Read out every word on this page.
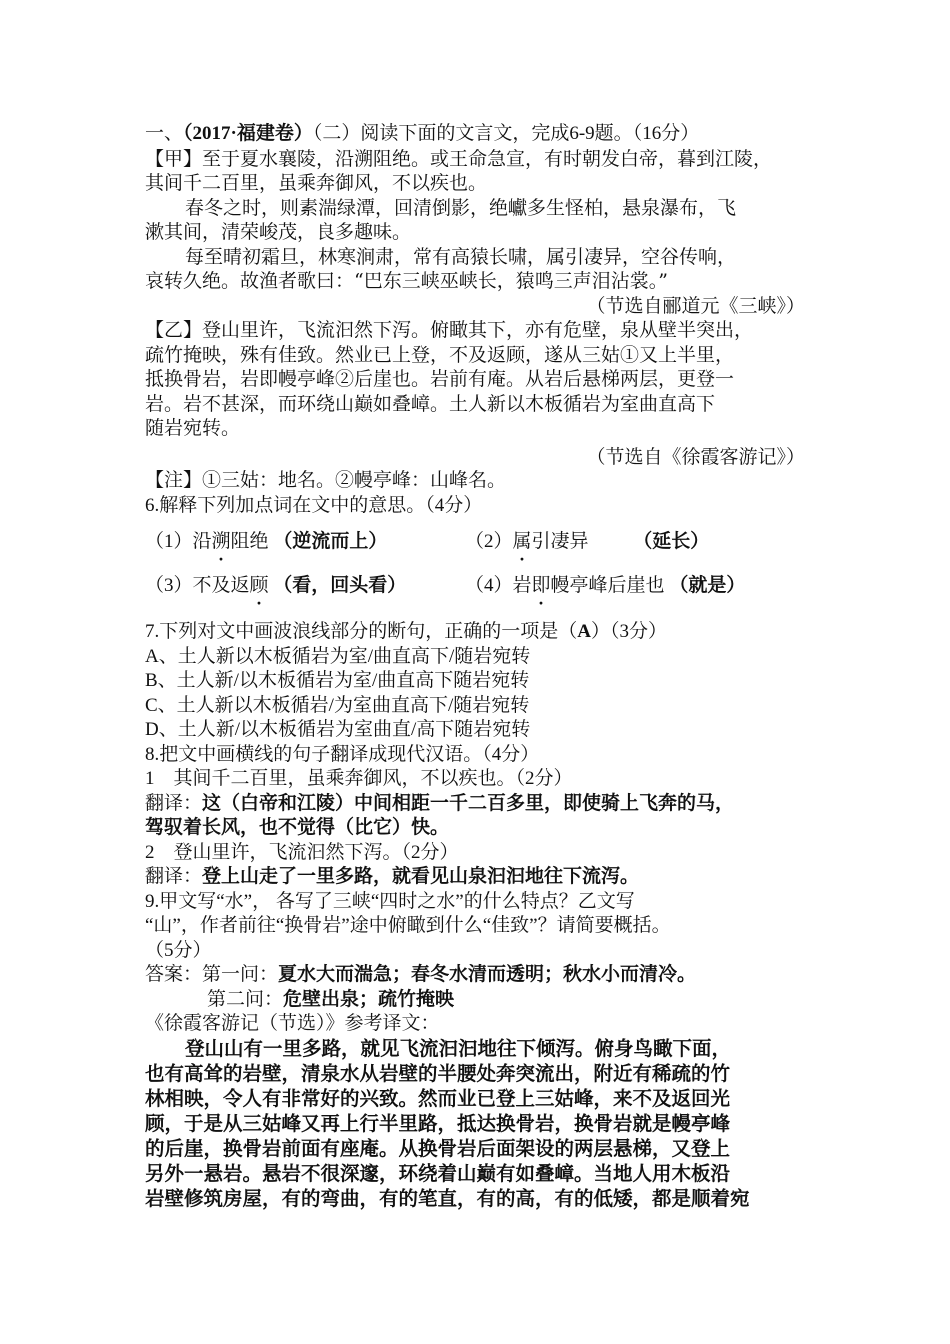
一、（2017·福建卷）（二）阅读下面的文言文，完成6-9题。（16分）
【甲】至于夏水襄陵，沿溯阻绝。或王命急宣，有时朝发白帝，暮到江陵，
其间千二百里，虽乘奔御风，不以疾也。
春冬之时，则素湍绿潭，回清倒影，绝巘多生怪柏，悬泉瀑布，飞
漱其间，清荣峻茂，良多趣味。
每至晴初霜旦，林寒涧肃，常有高猿长啸，属引凄异，空谷传响，
哀转久绝。故渔者歌曰：“巴东三峡巫峡长，猿鸣三声泪沾裳。”
（节选自郦道元《三峡》）
【乙】登山里许，飞流汩然下泻。俯瞰其下，亦有危壁，泉从壁半突出，
疏竹掩映，殊有佳致。然业已上登，不及返顾，遂从三姑①又上半里，
抵换骨岩，岩即幔亭峰②后崖也。岩前有庵。从岩后悬梯两层，更登一
岩。岩不甚深，而环绕山巅如叠嶂。土人新以木板循岩为室曲直高下
随岩宛转。
（节选自《徐霞客游记》）
【注】①三姑：地名。②幔亭峰：山峰名。
6.解释下列加点词在文中的意思。（4分）
（1）沿溯阻绝 （逆流而上）	（2）属引凄异 （延长）
（3）不及返顾 （看，回头看）	（4）岩即幔亭峰后崖也 （就是）
7.下列对文中画波浪线部分的断句，正确的一项是（A）（3分）
A、土人新以木板循岩为室/曲直高下/随岩宛转
B、土人新/以木板循岩为室/曲直高下随岩宛转
C、土人新以木板循岩/为室曲直高下/随岩宛转
D、土人新/以木板循岩为室曲直/高下随岩宛转
8.把文中画横线的句子翻译成现代汉语。（4分）
1　其间千二百里，虽乘奔御风，不以疾也。（2分）
翻译：这（白帝和江陵）中间相距一千二百多里，即使骑上飞奔的马，
驾驭着长风，也不觉得（比它）快。
2　登山里许，飞流汩然下泻。（2分）
翻译：登上山走了一里多路，就看见山泉汩汩地往下流泻。
9.甲文写“水”， 各写了三峡“四时之水”的什么特点？乙文写
“山”，作者前往“换骨岩”途中俯瞰到什么“佳致”？请简要概括。
（5分）
答案：第一问：夏水大而湍急；春冬水清而透明；秋水小而清冷。
第二问：危壁出泉；疏竹掩映
《徐霞客游记（节选）》参考译文：
登山山有一里多路，就见飞流汩汩地往下倾泻。俯身鸟瞰下面，
也有高耸的岩壁，清泉水从岩壁的半腰处奔突流出，附近有稀疏的竹
林相映，令人有非常好的兴致。然而业已登上三姑峰，来不及返回光
顾，于是从三姑峰又再上行半里路，抵达换骨岩，换骨岩就是幔亭峰
的后崖，换骨岩前面有座庵。从换骨岩后面架设的两层悬梯，又登上
另外一悬岩。悬岩不很深邃，环绕着山巅有如叠嶂。当地人用木板沿
岩壁修筑房屋，有的弯曲，有的笔直，有的高，有的低矮，都是顺着宛
